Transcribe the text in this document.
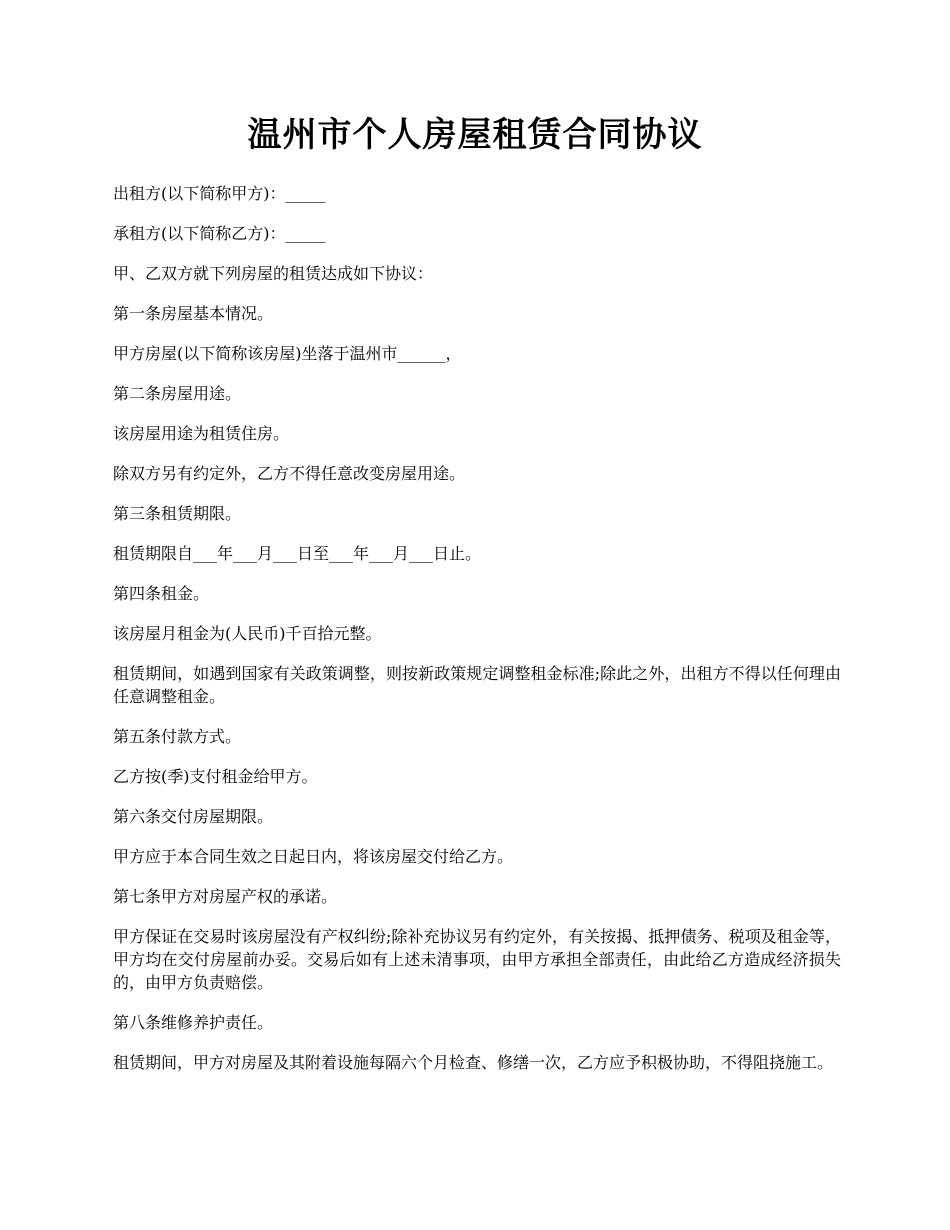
温州市个人房屋租赁合同协议

出租方(以下简称甲方)：_____

承租方(以下简称乙方)：_____

甲、乙双方就下列房屋的租赁达成如下协议：

第一条房屋基本情况。

甲方房屋(以下简称该房屋)坐落于温州市______，

第二条房屋用途。

该房屋用途为租赁住房。

除双方另有约定外，乙方不得任意改变房屋用途。

第三条租赁期限。

租赁期限自___年___月___日至___年___月___日止。

第四条租金。

该房屋月租金为(人民币)千百拾元整。

租赁期间，如遇到国家有关政策调整，则按新政策规定调整租金标准;除此之外，出租方不得以任何理由任意调整租金。

第五条付款方式。

乙方按(季)支付租金给甲方。

第六条交付房屋期限。

甲方应于本合同生效之日起日内，将该房屋交付给乙方。

第七条甲方对房屋产权的承诺。

甲方保证在交易时该房屋没有产权纠纷;除补充协议另有约定外，有关按揭、抵押债务、税项及租金等，甲方均在交付房屋前办妥。交易后如有上述未清事项，由甲方承担全部责任，由此给乙方造成经济损失的，由甲方负责赔偿。

第八条维修养护责任。

租赁期间，甲方对房屋及其附着设施每隔六个月检查、修缮一次，乙方应予积极协助，不得阻挠施工。
